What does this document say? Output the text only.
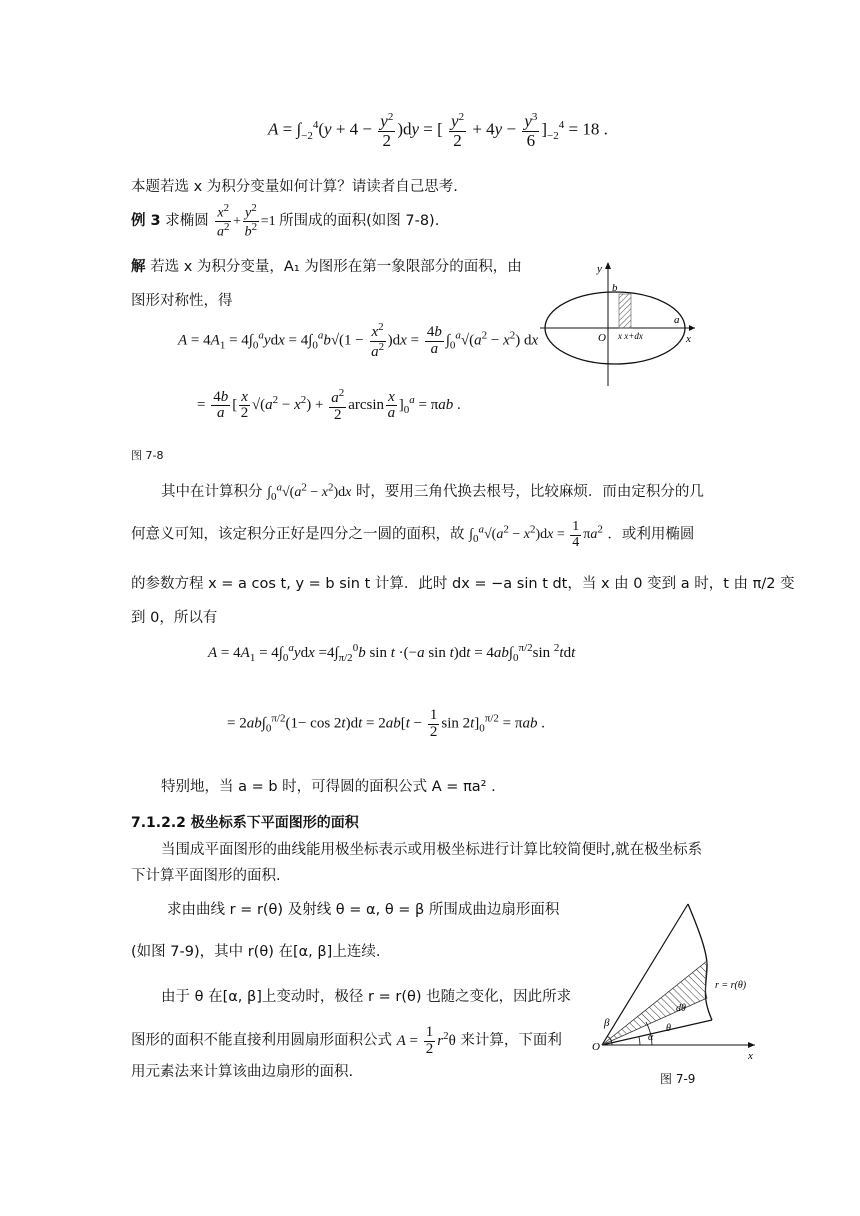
$A = \int_{-2}^4(y + 4 - \frac{y^2}{2} )dy$ = [ $\frac{y^2}{2} + 4y - \frac{y^3}{6} ]_{-2}^4 = 18$ .
本题若选 x 为积分变量如何计算？请读者自己思考.
例 3 求椭圆 $\frac{x^2}{a^2} + \frac{y^2}{b^2} =1$ 所围成的面积(如图 7-8).
解 若选 x 为积分变量，A₁ 为图形在第一象限部分的面积，由
图形对称性，得
$A = 4A_1 = 4\int_0^aydx = 4\int_0^ab√(1 - \frac{x^2}{a^2} )dx = \frac{4b}{a} \int_0^a√(a^2 - x^2)$ dx
= $\frac{4b}{a}$ [ $\frac{x}{2} √(a^2 - x^2) + \frac{a^2}{2}$ $\arcsin \frac{x}{a} ]_0^a = \pi ab$ .
y
b
a
x
O x x+dx
图 7-8
其中在计算积分 $\int_0^a√(a^2 - x^2)dx$ 时，要用三角代换去根号，比较麻烦．而由定积分的几
何意义可知，该定积分正好是四分之一圆的面积，故 $\int_0^a√(a^2 - x^2)dx = \frac{1}{4} \pi a^2$ ．或利用椭圆
的参数方程 x = a cos t, y = b sin t 计算．此时 dx = −a sin t dt，当 x 由 0 变到 a 时，t 由 π/2 变
到 0，所以有
$A = 4A_1 = 4\int_0^aydx =4\int_{\pi/2}^0b$ sin t ·(−a $\sin t)dt = 4ab\int_0^{\pi/2}\sin$ $^2$tdt
= $2ab\int_0^{\pi/2}(1- \cos 2t)dt = 2ab[t - \frac{1}{2}$ $\sin 2t]_0^{\pi/2} = \pi ab$ .
特别地，当 a = b 时，可得圆的面积公式 A = πa² .
7.1.2.2 极坐标系下平面图形的面积
当围成平面图形的曲线能用极坐标表示或用极坐标进行计算比较简便时,就在极坐标系
下计算平面图形的面积.
求由曲线 r = r(θ) 及射线 θ = α, θ = β 所围成曲边扇形面积
(如图 7-9)，其中 r(θ) 在[α, β]上连续.
由于 θ 在[α, β]上变动时，极径 r = r(θ) 也随之变化，因此所求
图形的面积不能直接利用圆扇形面积公式 $A = \frac{1}{2} r^2\theta$ 来计算，下面利
用元素法来计算该曲边扇形的面积.
r = r(θ)
dθ
θ
α
β
O
x
图 7-9
